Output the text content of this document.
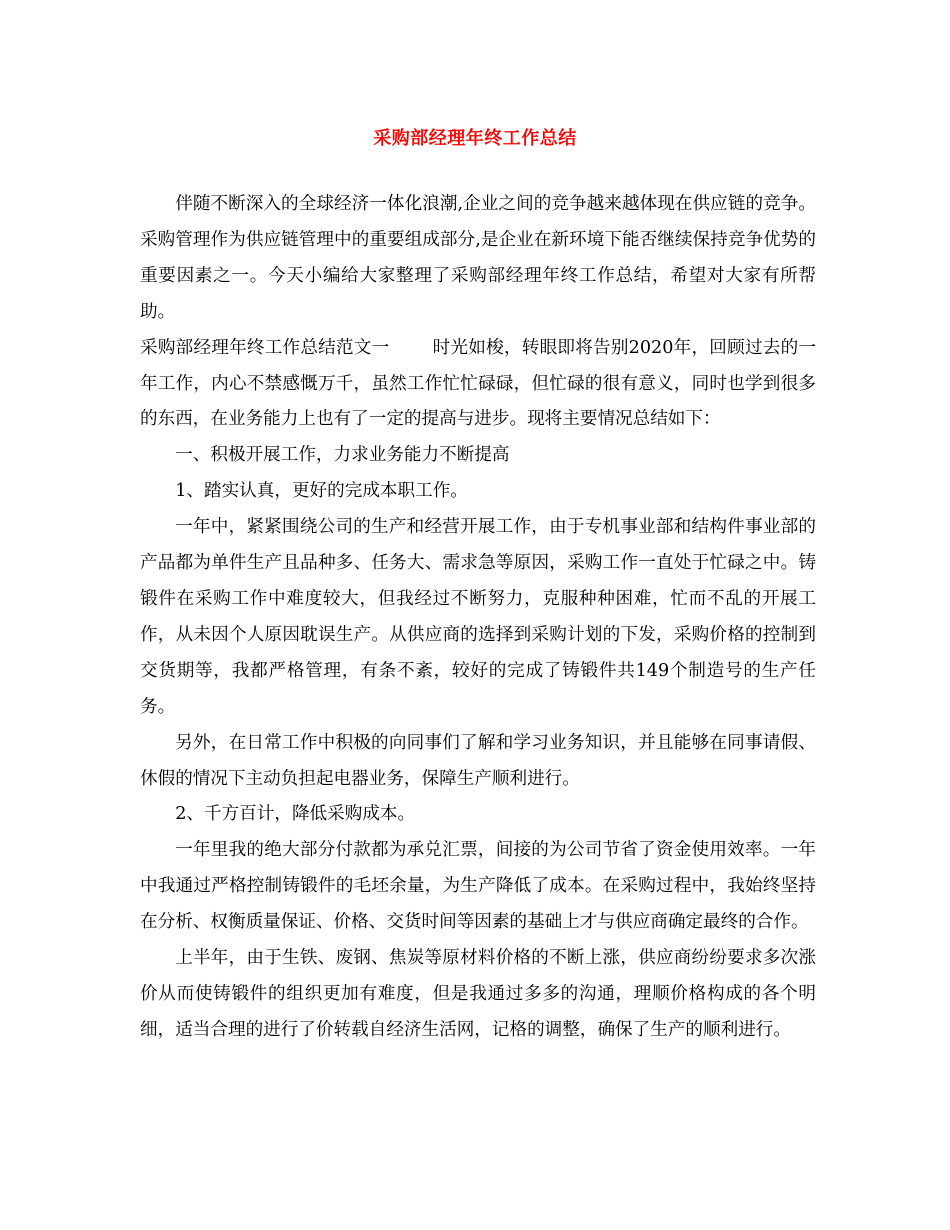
采购部经理年终工作总结

伴随不断深入的全球经济一体化浪潮,企业之间的竞争越来越体现在供应链的竞争。采购管理作为供应链管理中的重要组成部分,是企业在新环境下能否继续保持竞争优势的重要因素之一。今天小编给大家整理了采购部经理年终工作总结，希望对大家有所帮助。

采购部经理年终工作总结范文一 时光如梭，转眼即将告别2020年，回顾过去的一年工作，内心不禁感慨万千，虽然工作忙忙碌碌，但忙碌的很有意义，同时也学到很多的东西，在业务能力上也有了一定的提高与进步。现将主要情况总结如下：

一、积极开展工作，力求业务能力不断提高

1、踏实认真，更好的完成本职工作。

一年中，紧紧围绕公司的生产和经营开展工作，由于专机事业部和结构件事业部的产品都为单件生产且品种多、任务大、需求急等原因，采购工作一直处于忙碌之中。铸锻件在采购工作中难度较大，但我经过不断努力，克服种种困难，忙而不乱的开展工作，从未因个人原因耽误生产。从供应商的选择到采购计划的下发，采购价格的控制到交货期等，我都严格管理，有条不紊，较好的完成了铸锻件共149个制造号的生产任务。

另外，在日常工作中积极的向同事们了解和学习业务知识，并且能够在同事请假、休假的情况下主动负担起电器业务，保障生产顺利进行。

2、千方百计，降低采购成本。

一年里我的绝大部分付款都为承兑汇票，间接的为公司节省了资金使用效率。一年中我通过严格控制铸锻件的毛坯余量，为生产降低了成本。在采购过程中，我始终坚持在分析、权衡质量保证、价格、交货时间等因素的基础上才与供应商确定最终的合作。

上半年，由于生铁、废钢、焦炭等原材料价格的不断上涨，供应商纷纷要求多次涨价从而使铸锻件的组织更加有难度，但是我通过多多的沟通，理顺价格构成的各个明细，适当合理的进行了价转载自经济生活网，记格的调整，确保了生产的顺利进行。
